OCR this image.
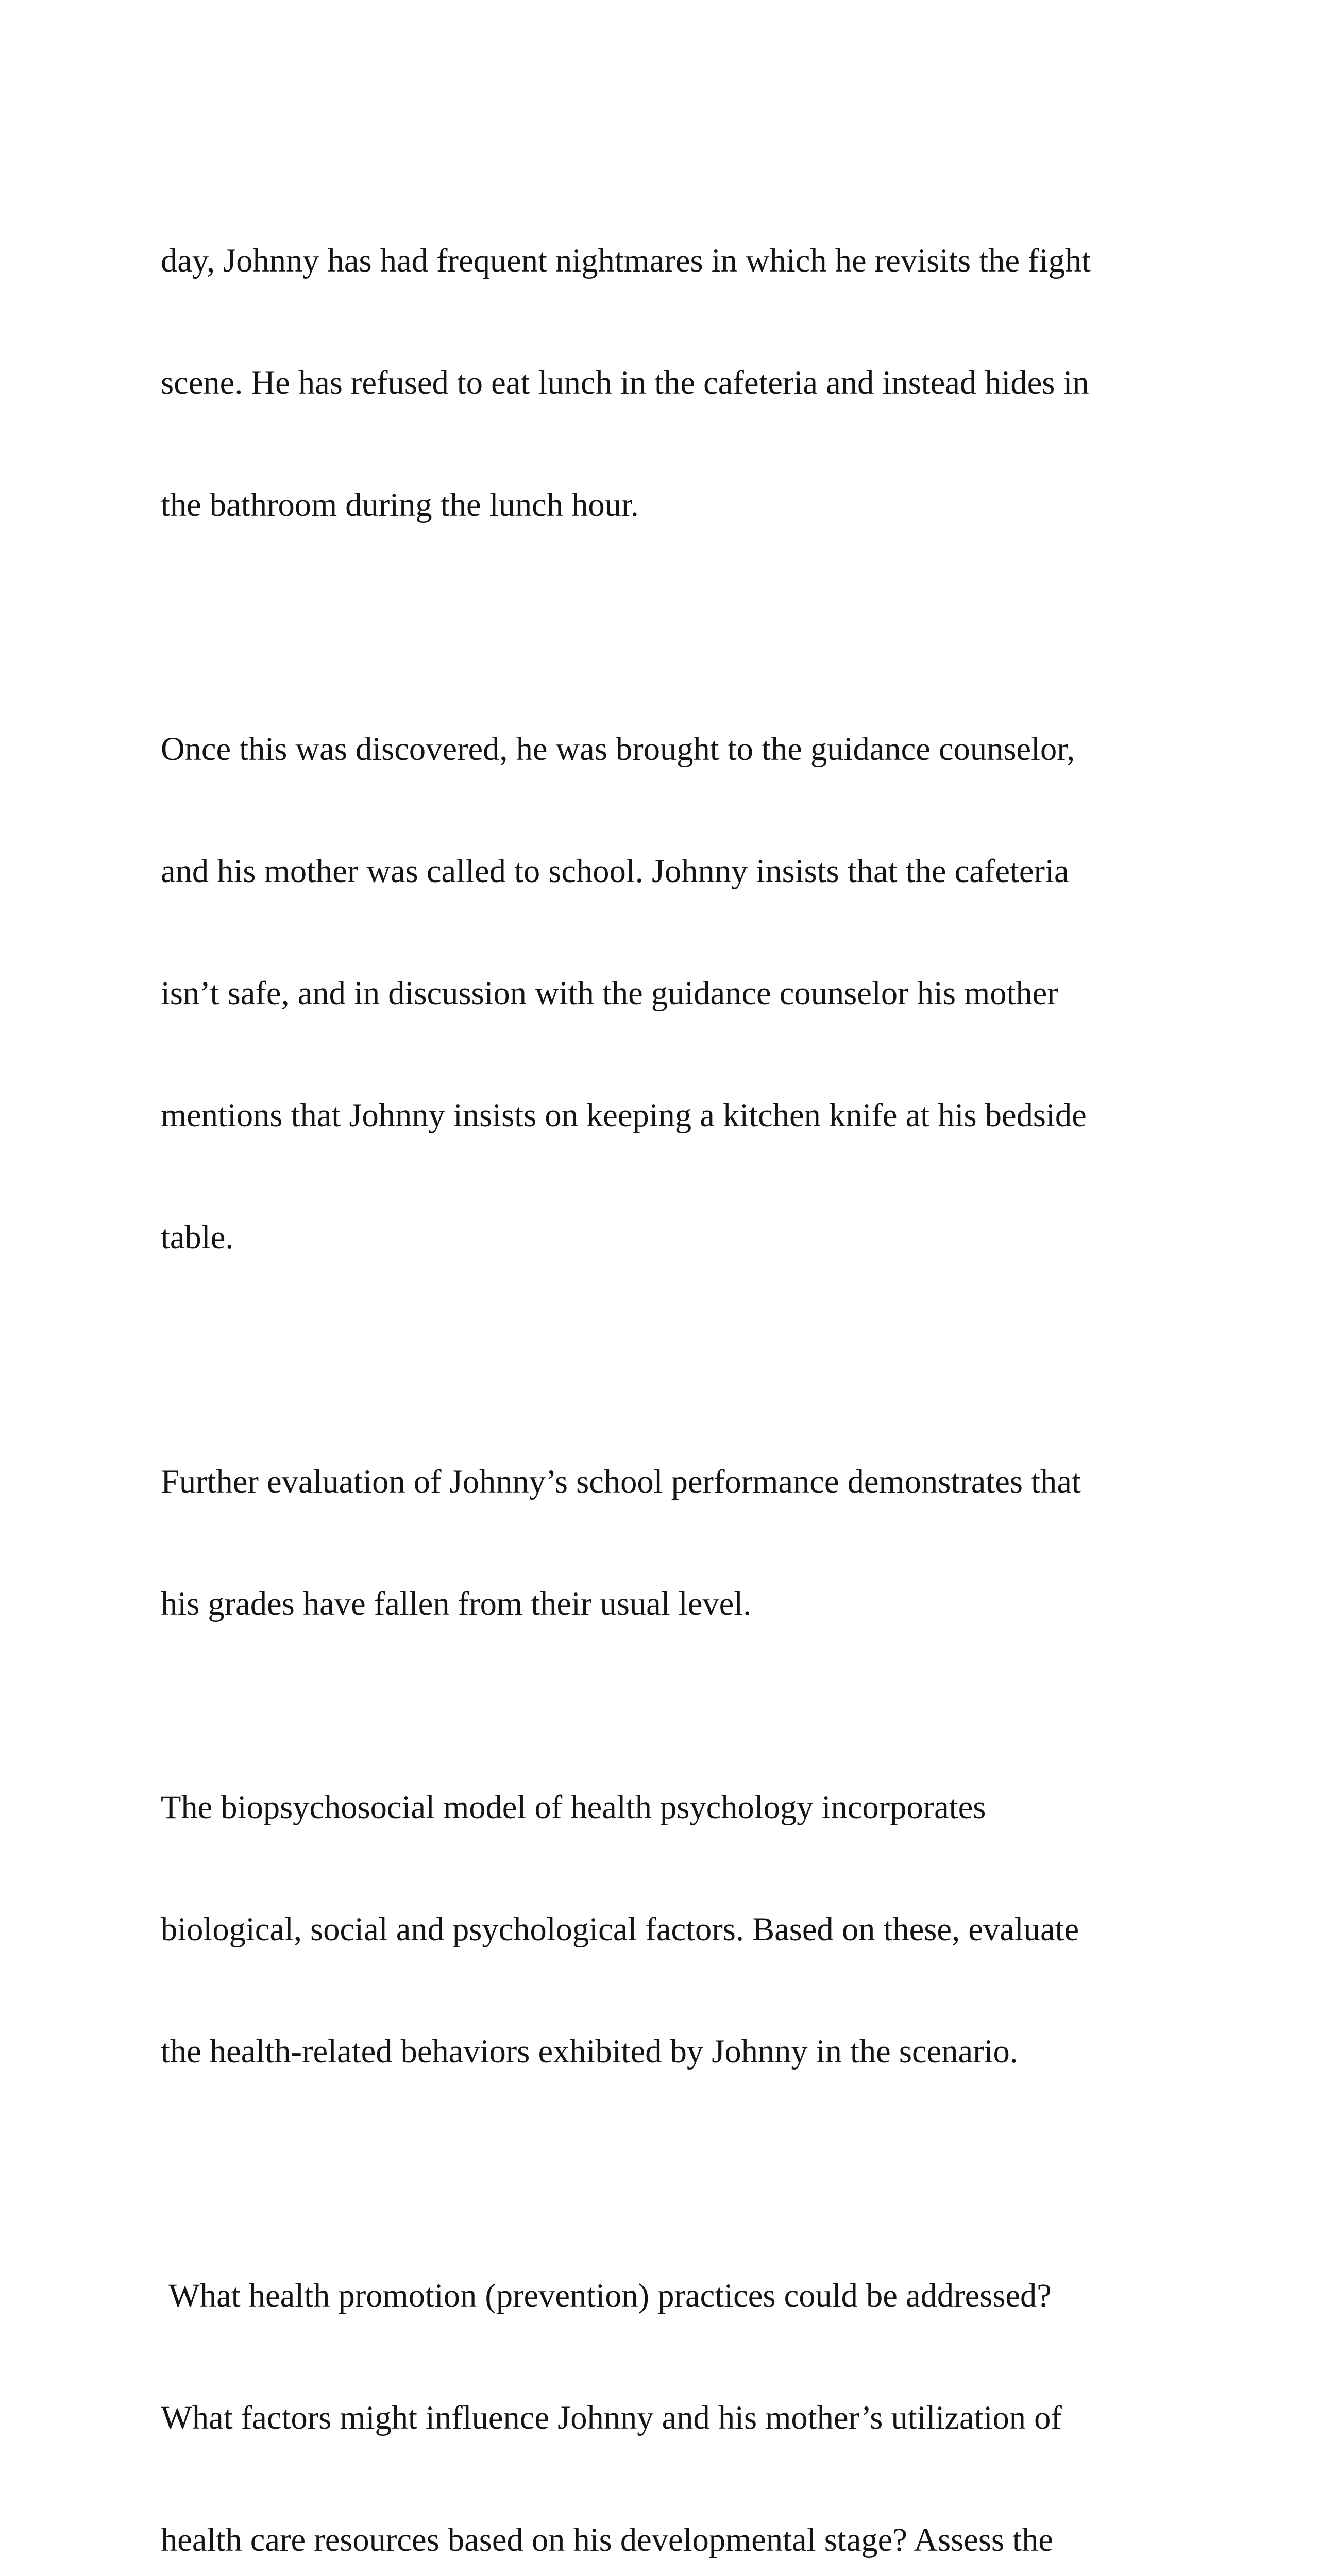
day, Johnny has had frequent nightmares in which he revisits the fight

scene. He has refused to eat lunch in the cafeteria and instead hides in

the bathroom during the lunch hour.

Once this was discovered, he was brought to the guidance counselor,

and his mother was called to school. Johnny insists that the cafeteria

isn’t safe, and in discussion with the guidance counselor his mother

mentions that Johnny insists on keeping a kitchen knife at his bedside

table.

Further evaluation of Johnny’s school performance demonstrates that

his grades have fallen from their usual level.

The biopsychosocial model of health psychology incorporates

biological, social and psychological factors. Based on these, evaluate

the health-related behaviors exhibited by Johnny in the scenario.

What health promotion (prevention) practices could be addressed?

What factors might influence Johnny and his mother’s utilization of

health care resources based on his developmental stage? Assess the
